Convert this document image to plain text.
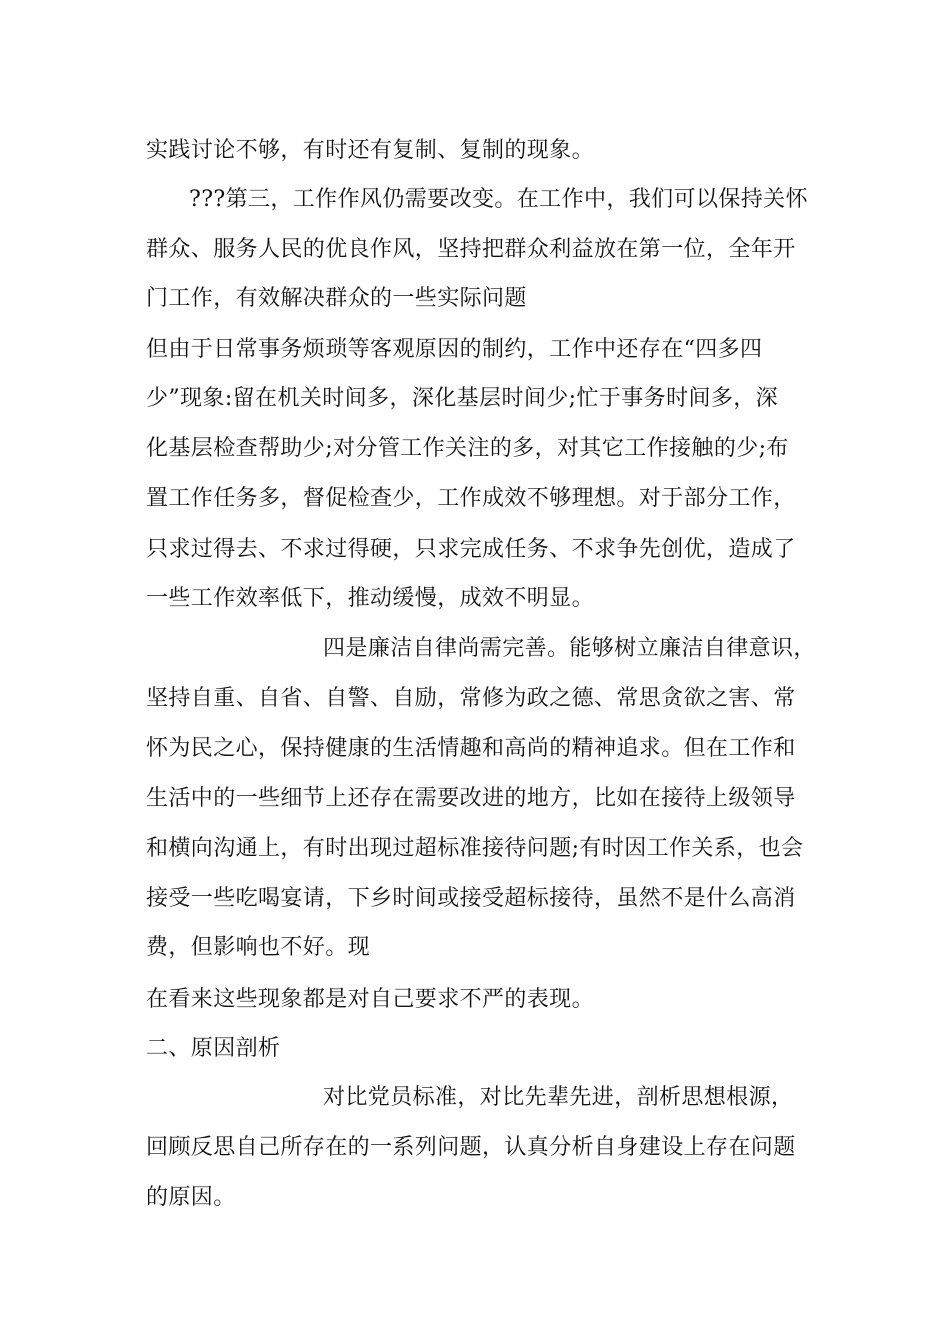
实践讨论不够，有时还有复制、复制的现象。
???第三，工作作风仍需要改变。在工作中，我们可以保持关怀
群众、服务人民的优良作风，坚持把群众利益放在第一位，全年开
门工作，有效解决群众的一些实际问题
但由于日常事务烦琐等客观原因的制约，工作中还存在“四多四
少”现象:留在机关时间多，深化基层时间少;忙于事务时间多，深
化基层检查帮助少;对分管工作关注的多，对其它工作接触的少;布
置工作任务多，督促检查少，工作成效不够理想。对于部分工作，
只求过得去、不求过得硬，只求完成任务、不求争先创优，造成了
一些工作效率低下，推动缓慢，成效不明显。
四是廉洁自律尚需完善。能够树立廉洁自律意识，
坚持自重、自省、自警、自励，常修为政之德、常思贪欲之害、常
怀为民之心，保持健康的生活情趣和高尚的精神追求。但在工作和
生活中的一些细节上还存在需要改进的地方，比如在接待上级领导
和横向沟通上，有时出现过超标准接待问题;有时因工作关系，也会
接受一些吃喝宴请，下乡时间或接受超标接待，虽然不是什么高消
费，但影响也不好。现
在看来这些现象都是对自己要求不严的表现。
二、原因剖析
对比党员标准，对比先辈先进，剖析思想根源，
回顾反思自己所存在的一系列问题，认真分析自身建设上存在问题
的原因。
